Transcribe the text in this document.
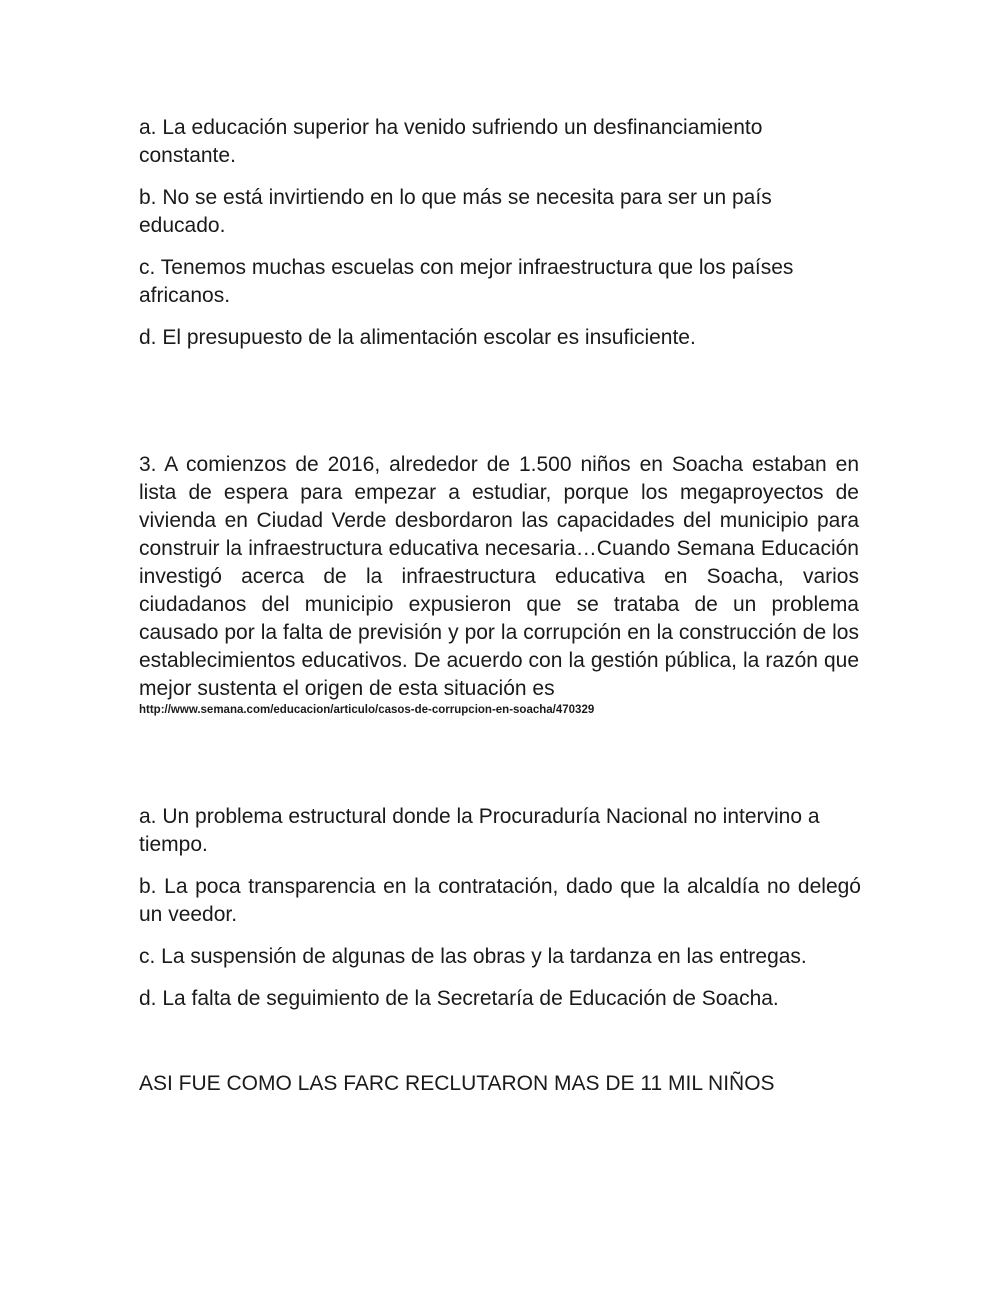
a. La educación superior ha venido sufriendo un desfinanciamiento constante.

b. No se está invirtiendo en lo que más se necesita para ser un país educado.

c. Tenemos muchas escuelas con mejor infraestructura que los países africanos.

d. El presupuesto de la alimentación escolar es insuficiente.

3. A comienzos de 2016, alrededor de 1.500 niños en Soacha estaban en lista de espera para empezar a estudiar, porque los megaproyectos de vivienda en Ciudad Verde desbordaron las capacidades del municipio para construir la infraestructura educativa necesaria…Cuando Semana Educación investigó acerca de la infraestructura educativa en Soacha, varios ciudadanos del municipio expusieron que se trataba de un problema causado por la falta de previsión y por la corrupción en la construcción de los establecimientos educativos. De acuerdo con la gestión pública, la razón que mejor sustenta el origen de esta situación es
http://www.semana.com/educacion/articulo/casos-de-corrupcion-en-soacha/470329

a. Un problema estructural donde la Procuraduría Nacional no intervino a tiempo.

b. La poca transparencia en la contratación, dado que la alcaldía no delegó un veedor.

c. La suspensión de algunas de las obras y la tardanza en las entregas.

d. La falta de seguimiento de la Secretaría de Educación de Soacha.

ASI FUE COMO LAS FARC RECLUTARON MAS DE 11 MIL NIÑOS
